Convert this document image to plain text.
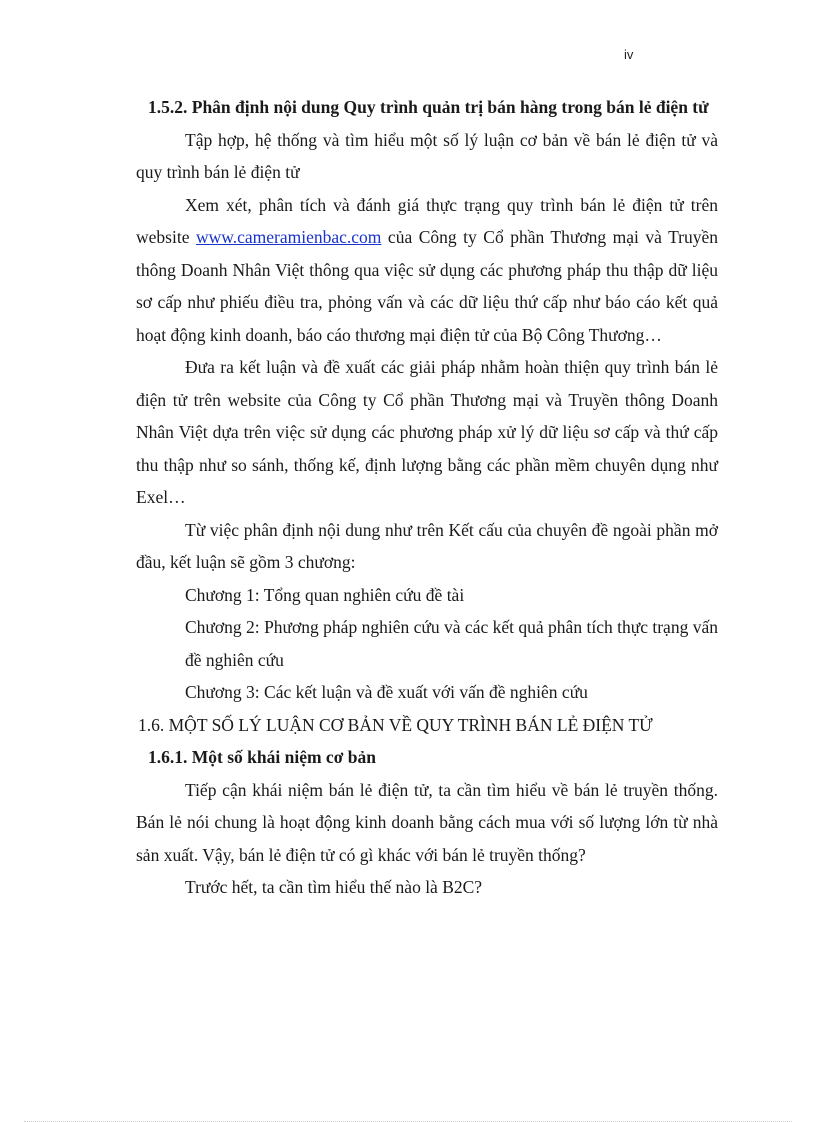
iv

1.5.2. Phân định nội dung Quy trình quản trị bán hàng trong bán lẻ điện tử

Tập hợp, hệ thống và tìm hiểu một số lý luận cơ bản về bán lẻ điện tử và quy trình bán lẻ điện tử

Xem xét, phân tích và đánh giá thực trạng quy trình bán lẻ điện tử trên website www.cameramienbac.com của Công ty Cổ phần Thương mại và Truyền thông Doanh Nhân Việt thông qua việc sử dụng các phương pháp thu thập dữ liệu sơ cấp như phiếu điều tra, phỏng vấn và các dữ liệu thứ cấp như báo cáo kết quả hoạt động kinh doanh, báo cáo thương mại điện tử của Bộ Công Thương…

Đưa ra kết luận và đề xuất các giải pháp nhằm hoàn thiện quy trình bán lẻ điện tử trên website của Công ty Cổ phần Thương mại và Truyền thông Doanh Nhân Việt dựa trên việc sử dụng các phương pháp xử lý dữ liệu sơ cấp và thứ cấp thu thập như so sánh, thống kế, định lượng bằng các phần mềm chuyên dụng như Exel…

Từ việc phân định nội dung như trên Kết cấu của chuyên đề ngoài phần mở đầu, kết luận sẽ gồm 3 chương:

Chương 1: Tổng quan nghiên cứu đề tài

Chương 2: Phương pháp nghiên cứu và các kết quả phân tích thực trạng vấn đề nghiên cứu

Chương 3: Các kết luận và đề xuất với vấn đề nghiên cứu

1.6. MỘT SỐ LÝ LUẬN CƠ BẢN VỀ QUY TRÌNH BÁN LẺ ĐIỆN TỬ

1.6.1. Một số khái niệm cơ bản

Tiếp cận khái niệm bán lẻ điện tử, ta cần tìm hiểu về bán lẻ truyền thống. Bán lẻ nói chung là hoạt động kinh doanh bằng cách mua với số lượng lớn từ nhà sản xuất. Vậy, bán lẻ điện tử có gì khác với bán lẻ truyền thống?

Trước hết, ta cần tìm hiểu thế nào là B2C?
